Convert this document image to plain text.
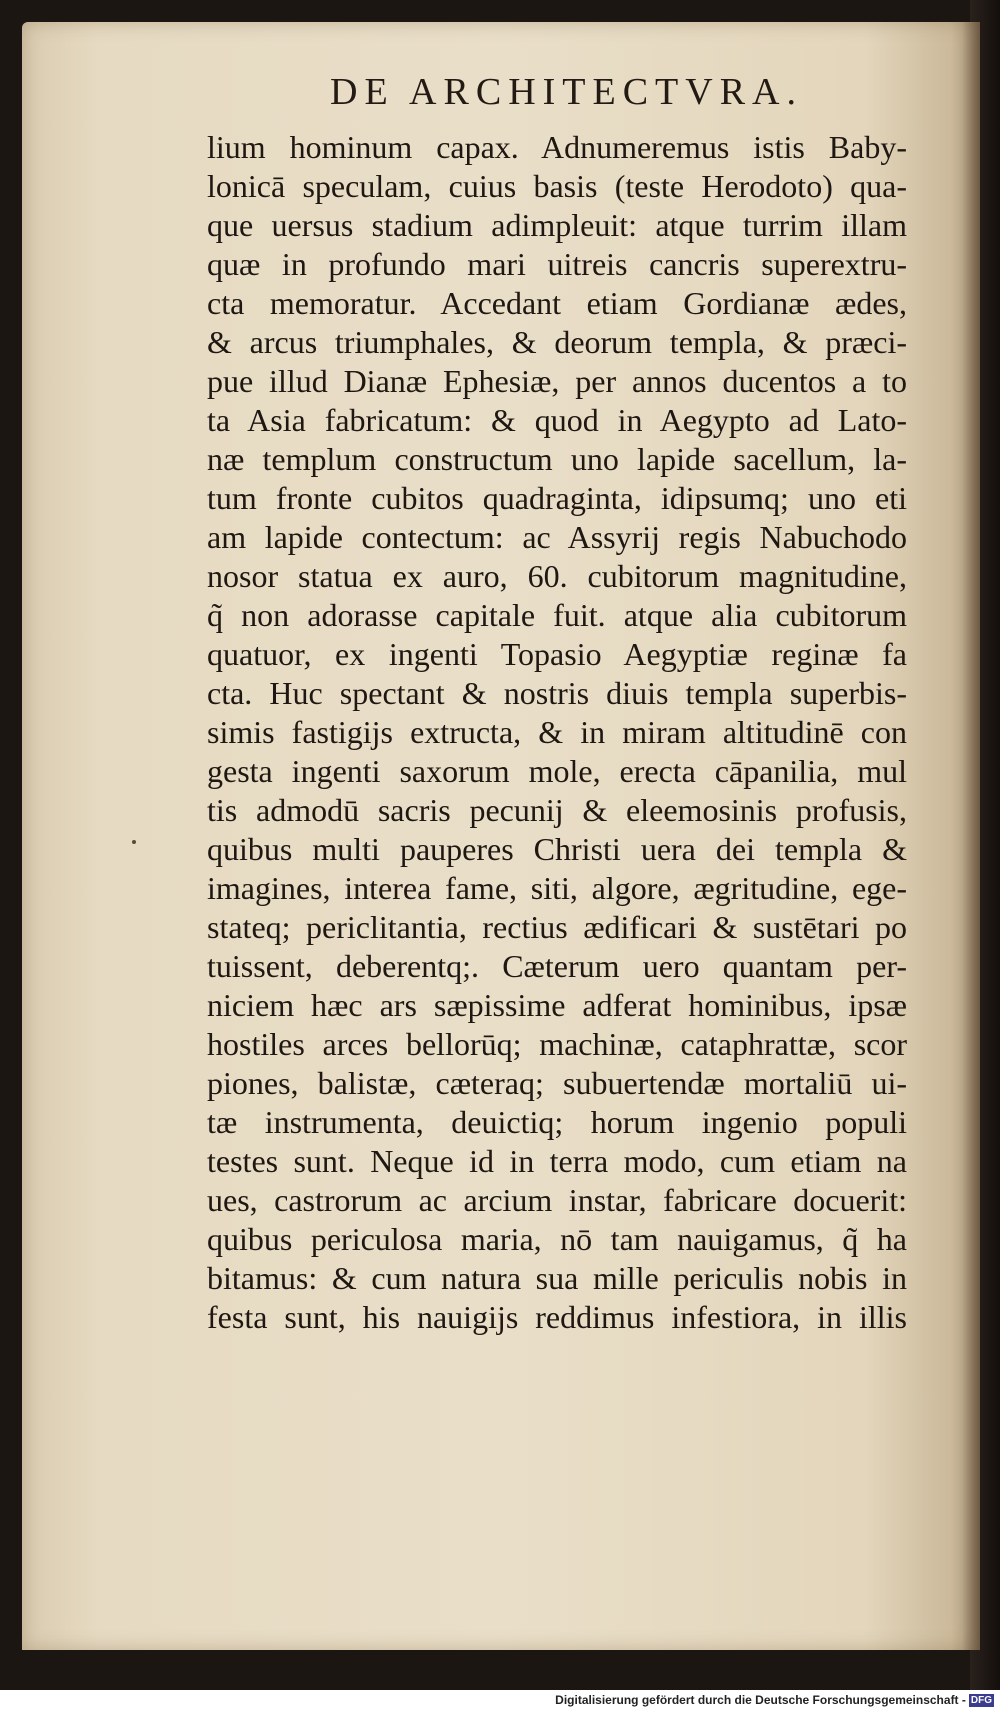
DE ARCHITECTVRA.
lium hominum capax. Adnumeremus istis Baby-
lonicā speculam, cuius basis (teste Herodoto) qua-
que uersus stadium adimpleuit: atque turrim illam
quæ in profundo mari uitreis cancris superextru-
cta memoratur. Accedant etiam Gordianæ ædes,
& arcus triumphales, & deorum templa, & præci-
pue illud Dianæ Ephesiæ, per annos ducentos a to
ta Asia fabricatum: & quod in Aegypto ad Lato-
næ templum constructum uno lapide sacellum, la-
tum fronte cubitos quadraginta, idipsumq; uno eti
am lapide contectum: ac Assyrij regis Nabuchodo
nosor statua ex auro, 60. cubitorum magnitudine,
q̃ non adorasse capitale fuit. atque alia cubitorum
quatuor, ex ingenti Topasio Aegyptiæ reginæ fa
cta. Huc spectant & nostris diuis templa superbis-
simis fastigijs extructa, & in miram altitudinē con
gesta ingenti saxorum mole, erecta cāpanilia, mul
tis admodū sacris pecunij & eleemosinis profusis,
quibus multi pauperes Christi uera dei templa &
imagines, interea fame, siti, algore, ægritudine, ege-
stateq; periclitantia, rectius ædificari & sustētari po
tuissent, deberentq;. Cæterum uero quantam per-
niciem hæc ars sæpissime adferat hominibus, ipsæ
hostiles arces bellorūq; machinæ, cataphrattæ, scor
piones, balistæ, cæteraq; subuertendæ mortaliū ui-
tæ instrumenta, deuictiq; horum ingenio populi
testes sunt. Neque id in terra modo, cum etiam na
ues, castrorum ac arcium instar, fabricare docuerit:
quibus periculosa maria, nō tam nauigamus, q̃ ha
bitamus: & cum natura sua mille periculis nobis in
festa sunt, his nauigijs reddimus infestiora, in illis
Digitalisierung gefördert durch die Deutsche Forschungsgemeinschaft - DFG
